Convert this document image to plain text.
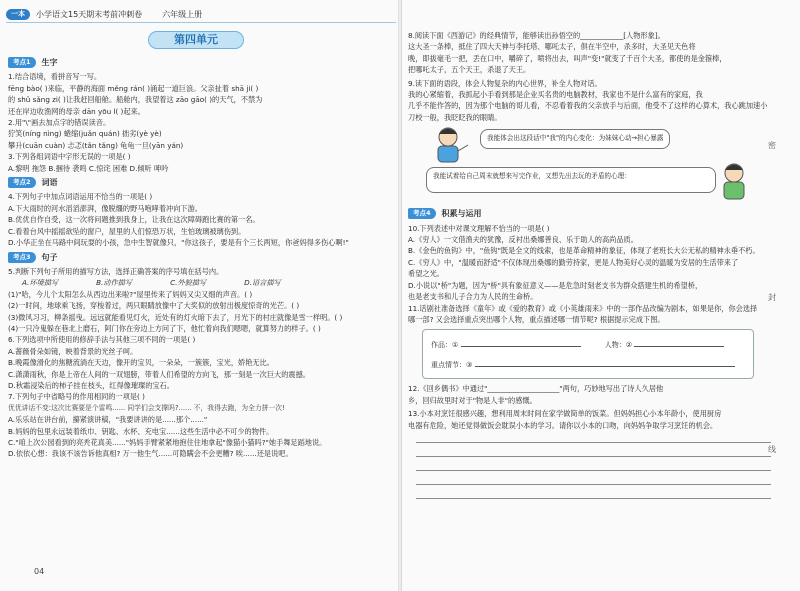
一本	小学语文15天期末考前冲刺卷	六年级上册
第四单元
考点1	生字
1.结合语境，看拼音写一写。
fēng bào( )来临，平静的海面 měng rán( )涌起一道巨浪。父亲扯着 shā ji( )
的 shǔ sǎng zi( )让我赶回船舱。船舱内，我望着这 zāo gāo( )的天气，不禁为
还在岸边收渔网的母亲 dān yōu l( )起来。
2.用"\"画去加点字的错误读音。
狞笑(níng nìng) 蜷缩(juǎn quán) 拙劣(yè yè)
攀升(cuān cuàn) 忐忑(tǎn tǎng) 龟龟一旦(yān yán)
3.下列各组词语中字形无误的一项是( )
A.黎明 拖怨 B.捆待 袭鸣 C.惊诧 困难 D.倾听 呻吟
考点2	词语
4.下列句子中加点词语运用不恰当的一项是( )
A.下大雨时的河水滔滔澎湃，像脱缰的野马咆哮着冲向下游。
B.优优自作自受，这一次将问题推到我身上，让我在这次障碍跑比赛的第一名。
C.看着台风中摇摇欲坠的窗户，屋里的人们惊恐万状，生怕玻璃被璃伤到。
D.小华正坐在马路中间玩耍的小孩，急中生智就像只，"你这孩子，要是有个三长两短，你爸妈得多伤心啊!"
考点3	句子
5.判断下列句子所用的描写方法，选择正确答案的序号填在括号内。
A.环境描写	B.动作描写	C.外貌描写	D.语言描写
(1)"哈，今儿个太阳怎么从西边出来啦?"屋里传来了妈妈又尖又细的声音。( )
(2)一时间，地球乘飞扬，穿梭着过，两只眼睛放像中了大奖似的放射出极度惊奇的光芒。( )
(3)微风习习，柳条摇曳。远远就能看见灯火，近处有的灯火暗下去了，月光下的村庄就像是雪一样明。( )
(4)一只冷鬼躲在巷北上磨石，阿门你在旁边上方问了下，他忙着向我们嗯嗯，就算努力的样子。( )
6.下列选项中所使用的修辞手法与其他三项不同的一项是( )
A.蔷薇骨朵如镜，映着背景的光丝子呵。
B.晚霞像滑化的焦糖流淌在天边，像开的宝贝，一朵朵，一簇簇，宝光，娇艳无比。
C.潇潇雨秋，你是上帝在人间的一双翅膀，带着人们希望的方向飞，那一刻是一次巨大的震撼。
D.秋霜浸染后的柿子挂在枝头，红得像璀璨的宝石。
7.下列句子中省略号的作用相同的一项是( )
优优讲话不变:这次比赛要是个雷鸣...... 同学们会支撑吗?...... 不，我得去跑，为全力拼一次!
A.乐乐站在讲台前，攥紧演讲稿，"我要讲讲的是......那个......"
B.妈妈的包里永远装着纸巾、钥匙、水杯、充电宝......这些生活中必不可少的物件。
C."咱上次公园看到的亮秃花真美......"妈妈手臂紧紧地抱住住地拿起"像猫小猫吗?"她手舞足蹈地说。
D.依依心想：我该不该告诉他真相? 万一他生气......可隐瞒会不会更糟? 唉......还是说吧。
04
8.阅读下面《西游记》的经典情节，能够读出孙悟空的____________[人物形象]。
这大圣一条棒，抵住了四大天神与李托塔、哪吒太子，俱在半空中，杀多时，大圣见天色将
晚，即拔毫毛一把，丢在口中，嚼碎了，喷将出去，叫声"变!"就变了千百个大圣，都使的是金箍棒，
把哪吒太子，五个天王，杀退了天王。
9.读下面的语段，体会人物复杂的内心世界，补全人物对话。
我的心紧缩着，我抓起小手看到那是企业买名贵的电脑教材，我家也不是什么富有的家庭，我
几乎不能作答的，因为那个电脑的哥儿看，不忍看着我的父亲放手与后面，他受不了这样的心算术，我心跳加速小
刀校一般，我眨眨我的眼睛。
我能体会出这段话中"我"的内心变化：为妹妹心动→担心暴露
我能试着给自己周末就想来写完作业，又想先出去玩的矛盾的心理：
考点4	积累与运用
10.下列表述中对课文理解不恰当的一项是( )
A.《穷人》一文借渔夫的犹豫，反衬出桑娜善良、乐于助人的高尚品质。
B.《金色的鱼钩》中，"鱼钩"既是全文的线索，也是革命精神的象征，体现了老班长大公无私的精神永垂不朽。
C.《穷人》中，"温暖而舒适"不仅体现出桑娜的勤劳持家，更是人物美好心灵的温暖为安居的生活带来了
希望之光。
D.小说以"桥"为题，因为"桥"具有象征意义——是危急时刻老支书为群众搭建生机的希望桥，
也是老支书和儿子合力为人民的生命桥。
11.话剧社准备选择《童年》或《爱的教育》或《小英雄雨来》中的一部作品改编为剧本，如果是你，你会选择
哪一部? 又会选择重点突出哪个人物，重点描述哪一情节呢? 根据提示完成下图。
作品：①	人物：②
重点情节：③
12.《回乡偶书》中通过"____________________"两句，巧妙地写出了诗人久居他
乡，回归故里时对于"物是人非"的感慨。
13.小本对烹饪很感兴趣，想利用周末时间在家学做简单的饭菜。但妈妈担心小本年龄小，使用厨房
电器有危险，她还觉得做饭会耽误小本的学习。请你以小本的口吻，向妈妈争取学习烹饪的机会。
密
封
线
